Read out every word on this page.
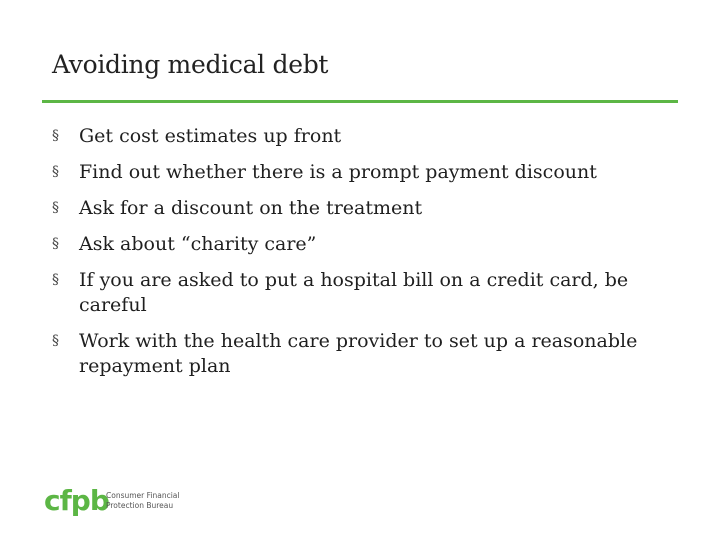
Avoiding medical debt
§ Get cost estimates up front
§ Find out whether there is a prompt payment discount
§ Ask for a discount on the treatment
§ Ask about “charity care”
§ If you are asked to put a hospital bill on a credit card, be careful
§ Work with the health care provider to set up a reasonable repayment plan
cfpb
Consumer Financial
Protection Bureau
